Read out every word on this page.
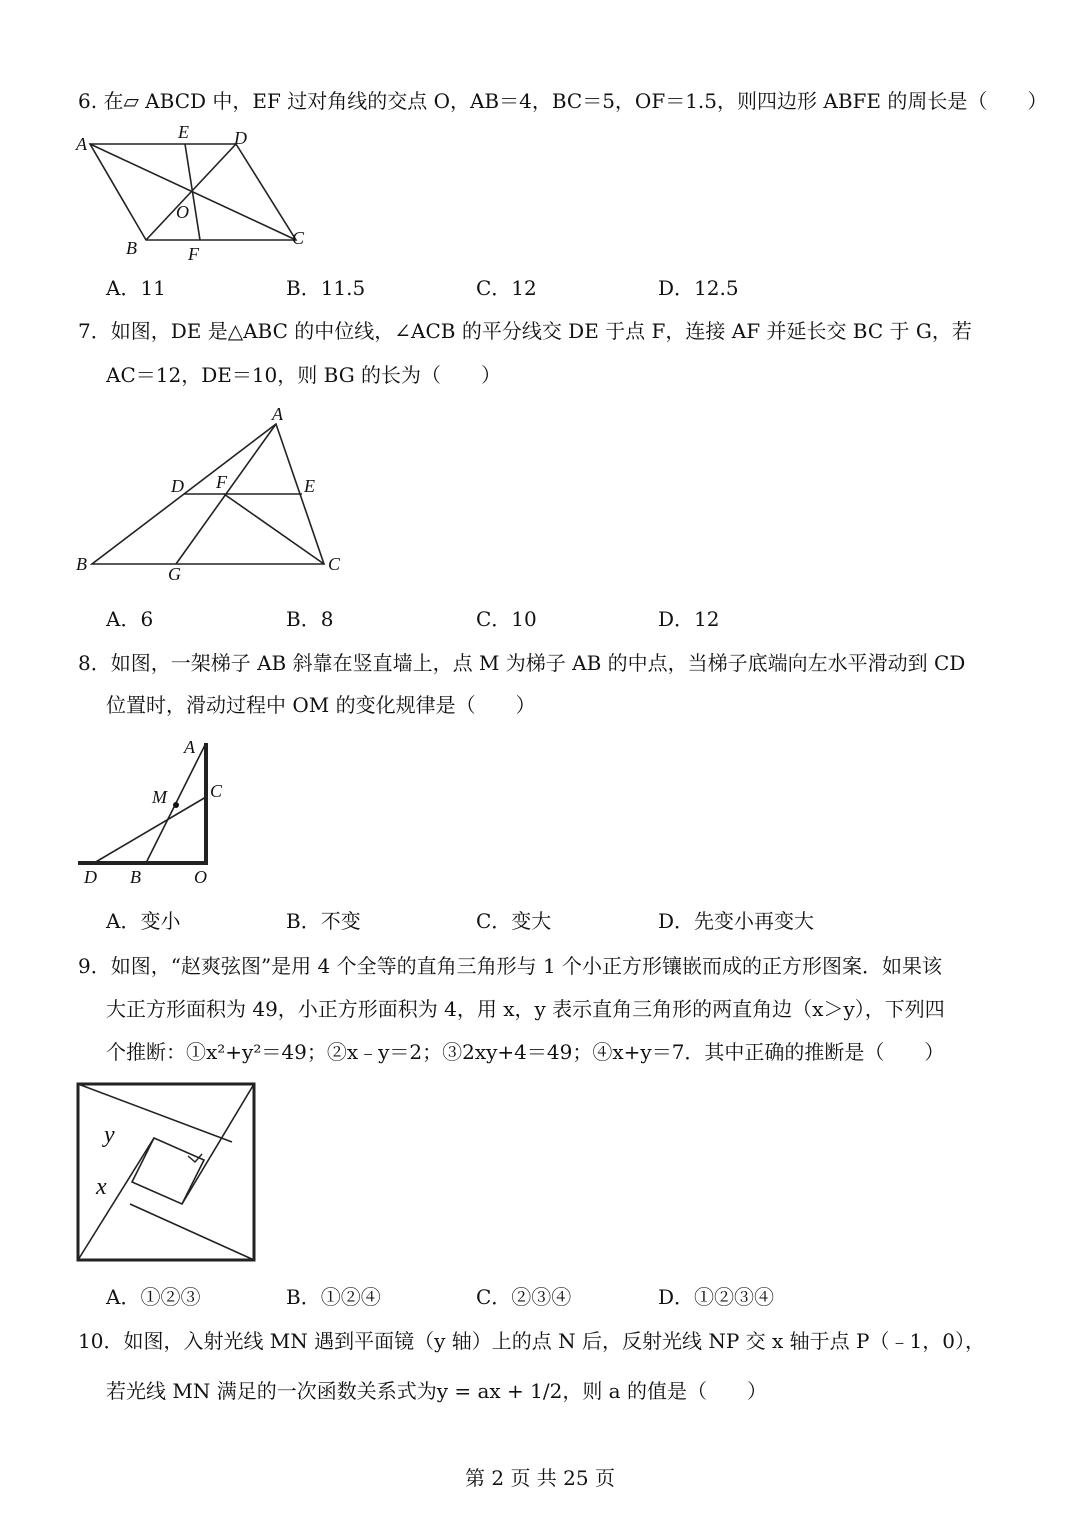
6. 在▱ ABCD 中，EF 过对角线的交点 O，AB＝4，BC＝5，OF＝1.5，则四边形 ABFE 的周长是（　　）
A
E	D
O
B	F
C
A．11	B．11.5	C．12	D．12.5
7．如图，DE 是△ABC 的中位线，∠ACB 的平分线交 DE 于点 F，连接 AF 并延长交 BC 于 G，若
AC＝12，DE＝10，则 BG 的长为（　　）
A
D F	E
B	G	C
A．6	B．8	C．10	D．12
8．如图，一架梯子 AB 斜靠在竖直墙上，点 M 为梯子 AB 的中点，当梯子底端向左水平滑动到 CD
位置时，滑动过程中 OM 的变化规律是（　　）
A
C
M
D B	O
A．变小	B．不变	C．变大	D．先变小再变大
9．如图，“赵爽弦图”是用 4 个全等的直角三角形与 1 个小正方形镶嵌而成的正方形图案．如果该
大正方形面积为 49，小正方形面积为 4，用 x，y 表示直角三角形的两直角边（x＞y），下列四
个推断：①x²+y²＝49；②x﹣y＝2；③2xy+4＝49；④x+y＝7．其中正确的推断是（　　）
y
x
A．①②③	B．①②④	C．②③④	D．①②③④
10．如图，入射光线 MN 遇到平面镜（y 轴）上的点 N 后，反射光线 NP 交 x 轴于点 P（﹣1，0），
若光线 MN 满足的一次函数关系式为y = ax + 1/2，则 a 的值是（　　）
第 2 页 共 25 页
